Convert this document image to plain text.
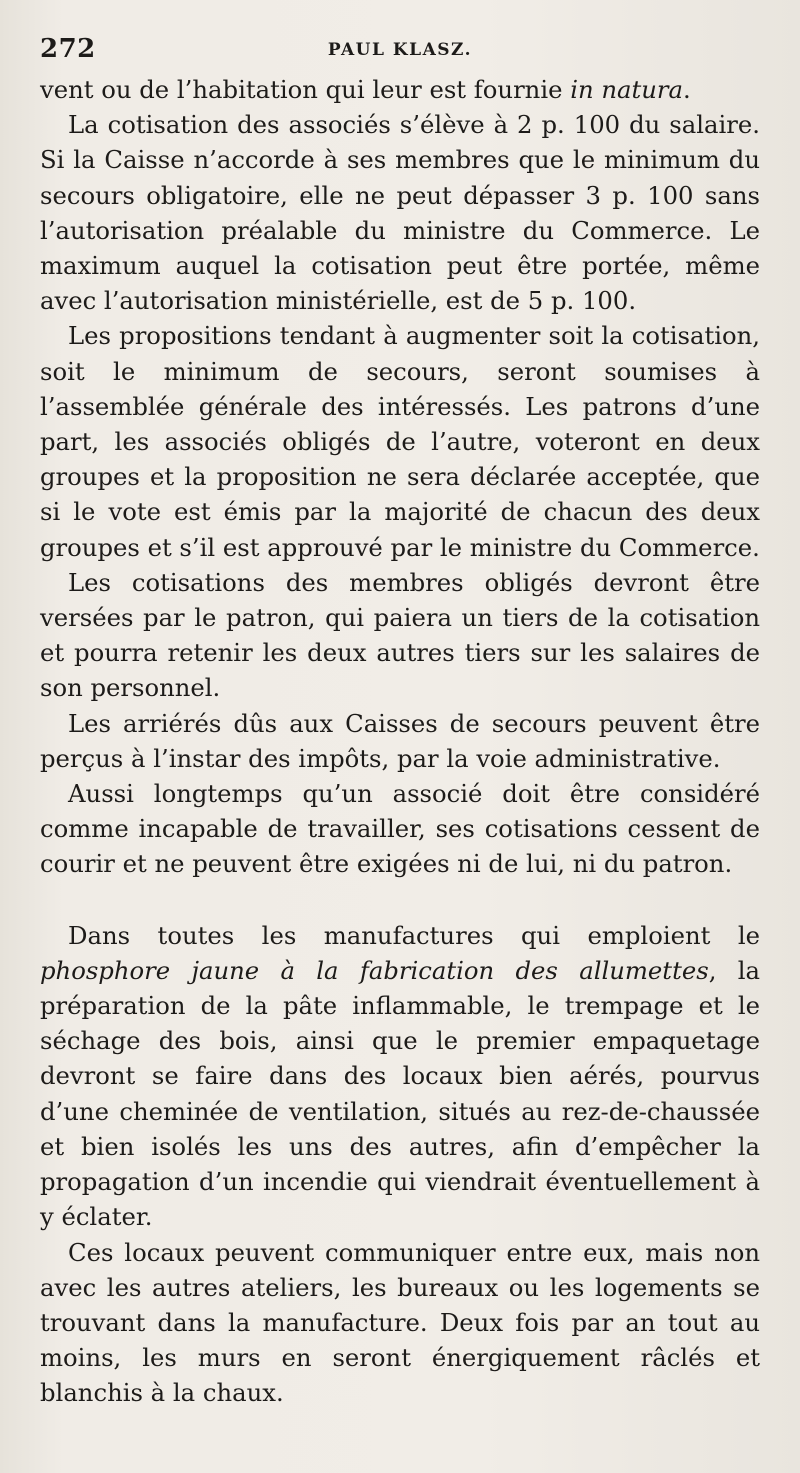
272	PAUL KLASZ.

vent ou de l’habitation qui leur est fournie in natura.

La cotisation des associés s’élève à 2 p. 100 du salaire. Si la Caisse n’accorde à ses membres que le minimum du secours obligatoire, elle ne peut dépasser 3 p. 100 sans l’autorisation préalable du ministre du Commerce. Le maximum auquel la cotisation peut être portée, même avec l’autorisation ministérielle, est de 5 p. 100.

Les propositions tendant à augmenter soit la cotisation, soit le minimum de secours, seront soumises à l’assemblée générale des intéressés. Les patrons d’une part, les associés obligés de l’autre, voteront en deux groupes et la proposition ne sera déclarée acceptée, que si le vote est émis par la majorité de chacun des deux groupes et s’il est approuvé par le ministre du Commerce.

Les cotisations des membres obligés devront être versées par le patron, qui paiera un tiers de la cotisation et pourra retenir les deux autres tiers sur les salaires de son personnel.

Les arriérés dûs aux Caisses de secours peuvent être perçus à l’instar des impôts, par la voie administrative.

Aussi longtemps qu’un associé doit être considéré comme incapable de travailler, ses cotisations cessent de courir et ne peuvent être exigées ni de lui, ni du patron.

Dans toutes les manufactures qui emploient le phosphore jaune à la fabrication des allumettes, la préparation de la pâte inflammable, le trempage et le séchage des bois, ainsi que le premier empaquetage devront se faire dans des locaux bien aérés, pourvus d’une cheminée de ventilation, situés au rez-de-chaussée et bien isolés les uns des autres, afin d’empêcher la propagation d’un incendie qui viendrait éventuellement à y éclater.

Ces locaux peuvent communiquer entre eux, mais non avec les autres ateliers, les bureaux ou les logements se trouvant dans la manufacture. Deux fois par an tout au moins, les murs en seront énergiquement râclés et blanchis à la chaux.
